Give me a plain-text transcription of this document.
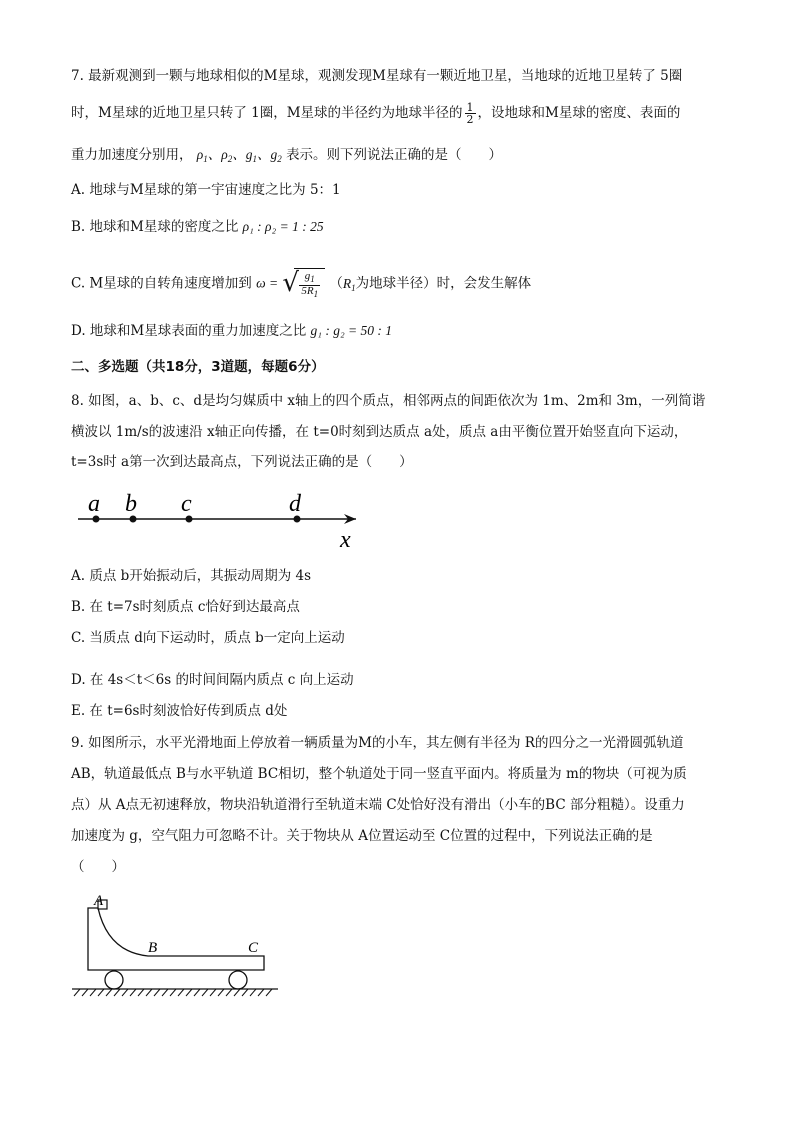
7. 最新观测到一颗与地球相似的M星球，观测发现M星球有一颗近地卫星，当地球的近地卫星转了 5圈
时，M星球的近地卫星只转了 1圈，M星球的半径约为地球半径的 $\frac{1}{2}$ ，设地球和M星球的密度、表面的
重力加速度分别用， $\rho_1$、$\rho_2$、$g_1$、$g_2$ 表示。则下列说法正确的是（　　）
A. 地球与M星球的第一宇宙速度之比为 5：1
B. 地球和M星球的密度之比 ρ₁ : ρ₂ = 1 : 25
C. M星球的自转角速度增加到 ω = √ $\frac{g_1}{5R_1} (R_1$为地球半径）时，会发生解体
D. 地球和M星球表面的重力加速度之比 g₁ : g₂ = 50 : 1
二、多选题（共18分，3道题，每题6分）
8. 如图，a、b、c、d是均匀媒质中 x轴上的四个质点，相邻两点的间距依次为 1m、2m和 3m，一列简谐
横波以 1m/s的波速沿 x轴正向传播，在 t=0时刻到达质点 a处，质点 a由平衡位置开始竖直向下运动，
t=3s时 a第一次到达最高点，下列说法正确的是（　　）
a b c	d
x
A. 质点 b开始振动后，其振动周期为 4s
B. 在 t=7s时刻质点 c恰好到达最高点
C. 当质点 d向下运动时，质点 b一定向上运动
D. 在 4s＜t＜6s 的时间间隔内质点 c 向上运动
E. 在 t=6s时刻波恰好传到质点 d处
9. 如图所示，水平光滑地面上停放着一辆质量为M的小车，其左侧有半径为 R的四分之一光滑圆弧轨道
AB，轨道最低点 B与水平轨道 BC相切，整个轨道处于同一竖直平面内。将质量为 m的物块（可视为质
点）从 A点无初速释放，物块沿轨道滑行至轨道末端 C处恰好没有滑出（小车的BC 部分粗糙）。设重力
加速度为 g，空气阻力可忽略不计。关于物块从 A位置运动至 C位置的过程中，下列说法正确的是
（　　）
A
B	C
